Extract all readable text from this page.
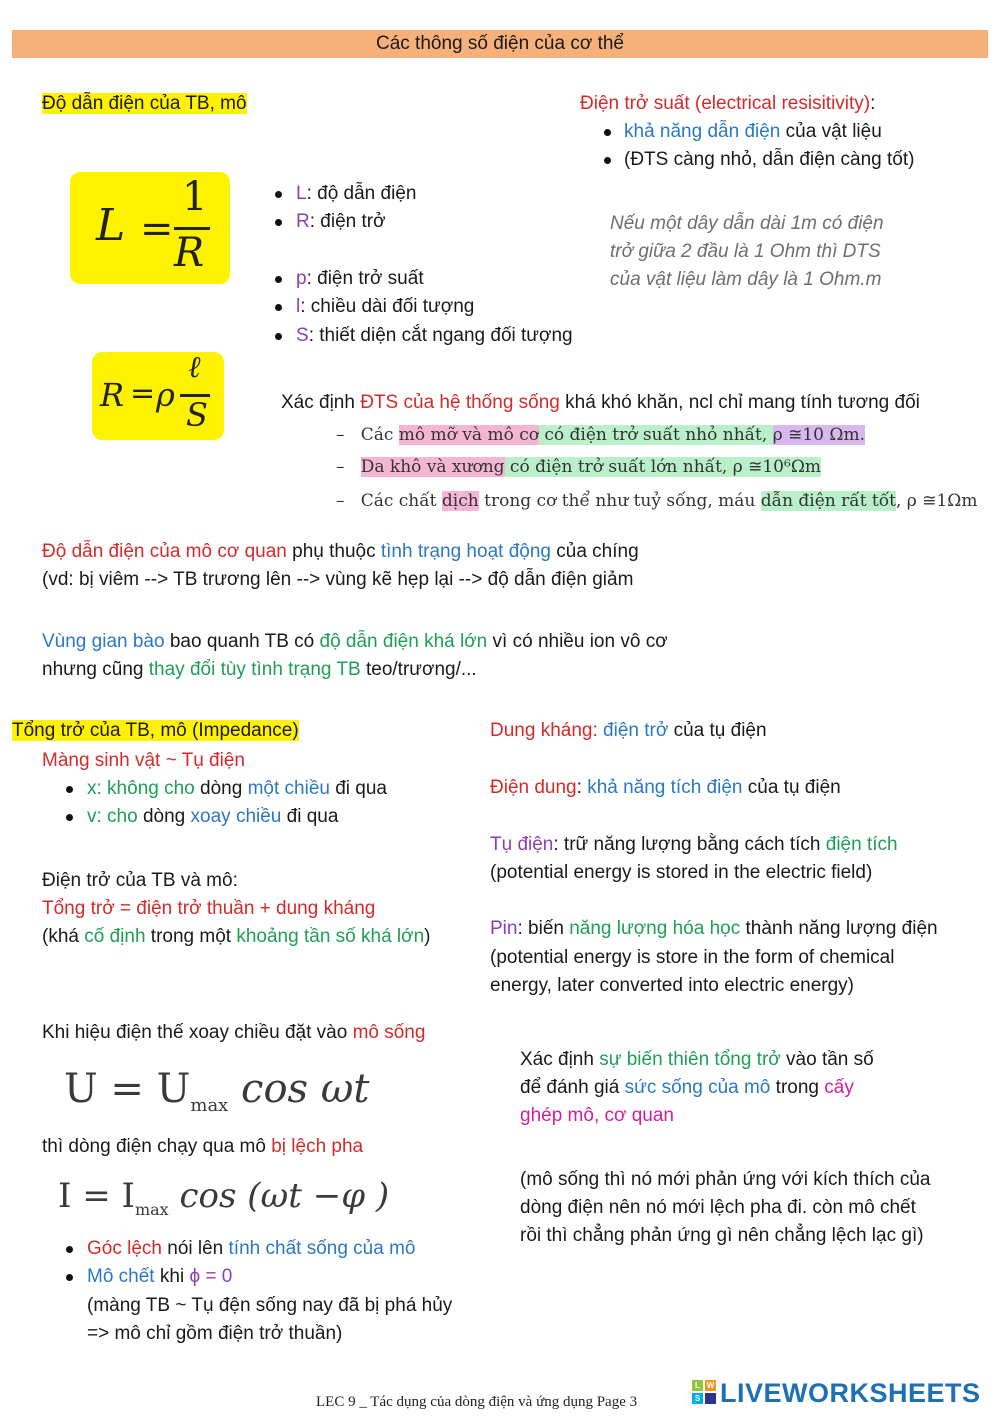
Các thông số điện của cơ thể
Độ dẫn điện của TB, mô
L =
1
R
R = ρ
ℓ
S
L: độ dẫn điện
R: điện trở
p: điện trở suất
l: chiều dài đối tượng
S: thiết diện cắt ngang đối tượng
Điện trở suất (electrical resisitivity):
khả năng dẫn điện của vật liệu
(ĐTS càng nhỏ, dẫn điện càng tốt)
Nếu một dây dẫn dài 1m có điện
trở giữa 2 đầu là 1 Ohm thì DTS
của vật liệu làm dây là 1 Ohm.m
Xác định ĐTS của hệ thống sống khá khó khăn, ncl chỉ mang tính tương đối
– Các mô mỡ và mô cơ có điện trở suất nhỏ nhất, ρ ≅10 Ωm.
– Da khô và xương có điện trở suất lớn nhất, ρ ≅10⁶Ωm
– Các chất dịch trong cơ thể như tuỷ sống, máu dẫn điện rất tốt, ρ ≅1Ωm
Độ dẫn điện của mô cơ quan phụ thuộc tình trạng hoạt động của chíng
(vd: bị viêm --> TB trương lên --> vùng kẽ hẹp lại --> độ dẫn điện giảm
Vùng gian bào bao quanh TB có độ dẫn điện khá lớn vì có nhiều ion vô cơ
nhưng cũng thay đổi tùy tình trạng TB teo/trương/...
Tổng trở của TB, mô (Impedance)
Màng sinh vật ~ Tụ điện
x: không cho dòng một chiều đi qua
v: cho dòng xoay chiều đi qua
Điện trở của TB và mô:
Tổng trở = điện trở thuần + dung kháng
(khá cố định trong một khoảng tần số khá lớn)
Dung kháng: điện trở của tụ điện
Điện dung: khả năng tích điện của tụ điện
Tụ điện: trữ năng lượng bằng cách tích điện tích
(potential energy is stored in the electric field)
Pin: biến năng lượng hóa học thành năng lượng điện
(potential energy is store in the form of chemical
energy, later converted into electric energy)
Khi hiệu điện thế xoay chiều đặt vào mô sống
$U = U_{max}$ cos ωt
thì dòng điện chạy qua mô bị lệch pha
$I = I_{max}$ cos (ωt −φ )
Góc lệch nói lên tính chất sống của mô
Mô chết khi ϕ = 0
(màng TB ~ Tụ đện sống nay đã bị phá hủy
=> mô chỉ gồm điện trở thuần)
Xác định sự biến thiên tổng trở vào tần số
để đánh giá sức sống của mô trong cấy
ghép mô, cơ quan
(mô sống thì nó mới phản ứng với kích thích của
dòng điện nên nó mới lệch pha đi. còn mô chết
rồi thì chẳng phản ứng gì nên chẳng lệch lạc gì)
LEC 9 _ Tác dụng của dòng điện và ứng dụng Page 3
L W
S LIVEWORKSHEETS
